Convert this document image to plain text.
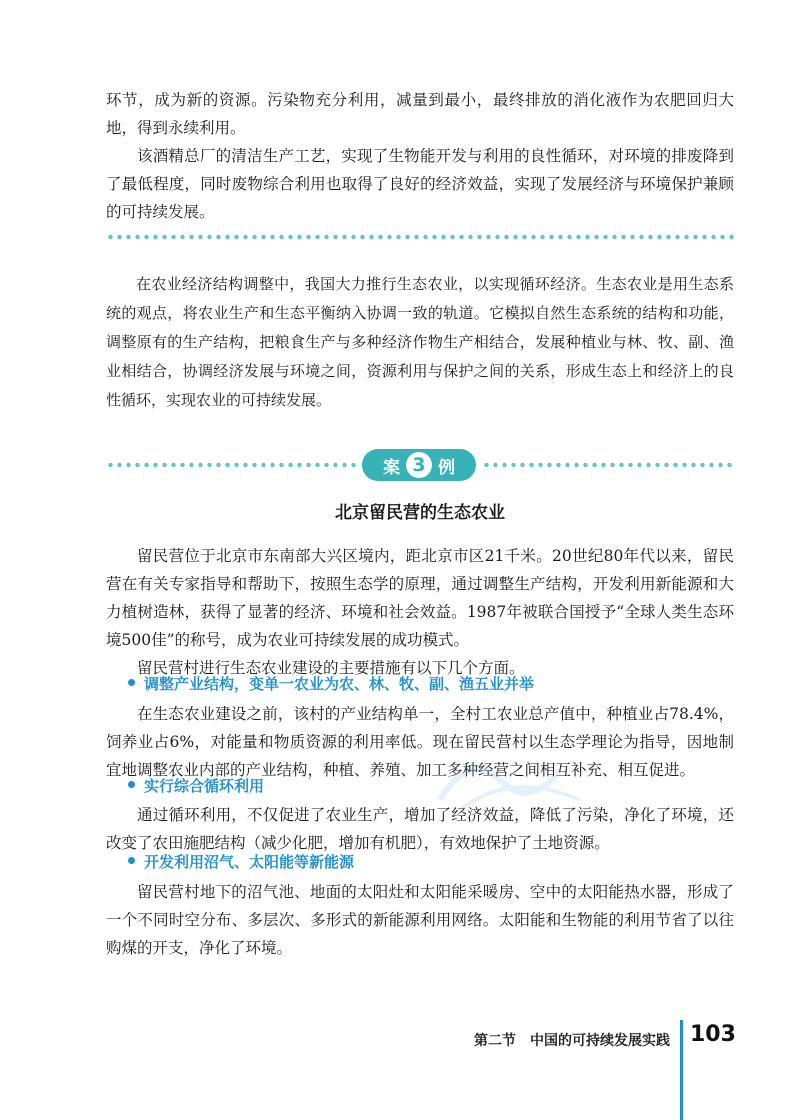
环节，成为新的资源。污染物充分利用，减量到最小，最终排放的消化液作为农肥回归大地，得到永续利用。

该酒精总厂的清洁生产工艺，实现了生物能开发与利用的良性循环，对环境的排废降到了最低程度，同时废物综合利用也取得了良好的经济效益，实现了发展经济与环境保护兼顾的可持续发展。

在农业经济结构调整中，我国大力推行生态农业，以实现循环经济。生态农业是用生态系统的观点，将农业生产和生态平衡纳入协调一致的轨道。它模拟自然生态系统的结构和功能，调整原有的生产结构，把粮食生产与多种经济作物生产相结合，发展种植业与林、牧、副、渔业相结合，协调经济发展与环境之间，资源利用与保护之间的关系，形成生态上和经济上的良性循环，实现农业的可持续发展。

案 3 例
北京留民营的生态农业

留民营位于北京市东南部大兴区境内，距北京市区21千米。20世纪80年代以来，留民营在有关专家指导和帮助下，按照生态学的原理，通过调整生产结构，开发利用新能源和大力植树造林，获得了显著的经济、环境和社会效益。1987年被联合国授予“全球人类生态环境500佳”的称号，成为农业可持续发展的成功模式。

留民营村进行生态农业建设的主要措施有以下几个方面。

调整产业结构，变单一农业为农、林、牧、副、渔五业并举

在生态农业建设之前，该村的产业结构单一，全村工农业总产值中，种植业占78.4%，饲养业占6%，对能量和物质资源的利用率低。现在留民营村以生态学理论为指导，因地制宜地调整农业内部的产业结构，种植、养殖、加工多种经营之间相互补充、相互促进。

实行综合循环利用

通过循环利用，不仅促进了农业生产，增加了经济效益，降低了污染，净化了环境，还改变了农田施肥结构（减少化肥，增加有机肥），有效地保护了土地资源。

开发利用沼气、太阳能等新能源

留民营村地下的沼气池、地面的太阳灶和太阳能采暖房、空中的太阳能热水器，形成了一个不同时空分布、多层次、多形式的新能源利用网络。太阳能和生物能的利用节省了以往购煤的开支，净化了环境。

第二节 中国的可持续发展实践 103
